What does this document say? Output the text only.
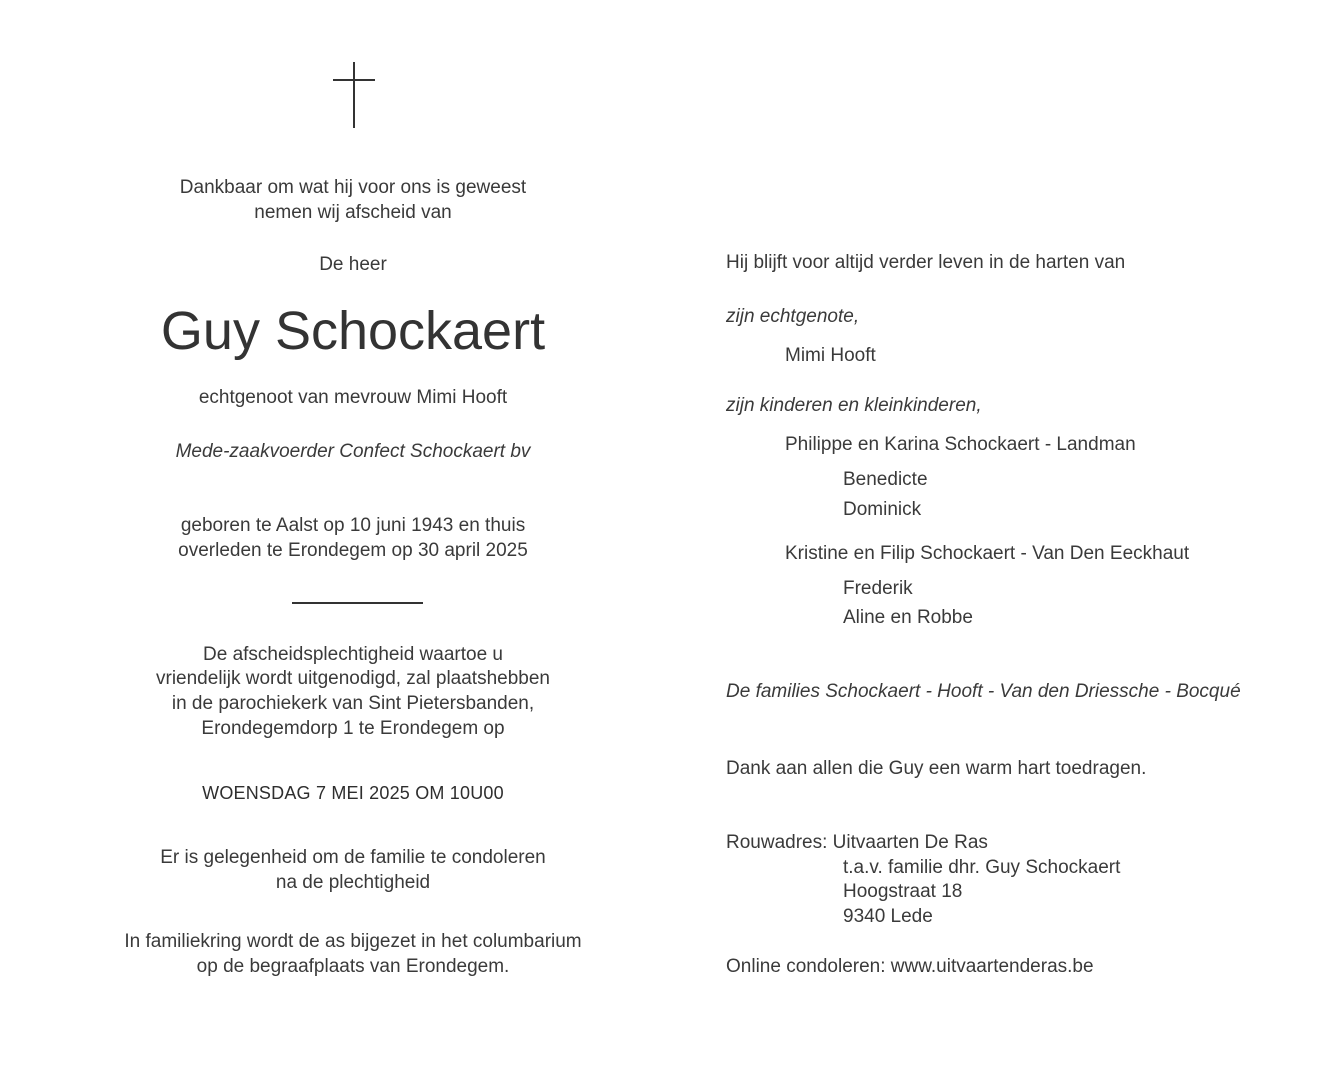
Dankbaar om wat hij voor ons is geweest
nemen wij afscheid van
De heer
Guy Schockaert
echtgenoot van mevrouw Mimi Hooft
Mede-zaakvoerder Confect Schockaert bv
geboren te Aalst op 10 juni 1943 en thuis
overleden te Erondegem op 30 april 2025
De afscheidsplechtigheid waartoe u
vriendelijk wordt uitgenodigd, zal plaatshebben
in de parochiekerk van Sint Pietersbanden,
Erondegemdorp 1 te Erondegem op
WOENSDAG 7 MEI 2025 OM 10U00
Er is gelegenheid om de familie te condoleren
na de plechtigheid
In familiekring wordt de as bijgezet in het columbarium
op de begraafplaats van Erondegem.
Hij blijft voor altijd verder leven in de harten van
zijn echtgenote,
Mimi Hooft
zijn kinderen en kleinkinderen,
Philippe en Karina Schockaert - Landman
Benedicte
Dominick
Kristine en Filip Schockaert - Van Den Eeckhaut
Frederik
Aline en Robbe
De families Schockaert - Hooft - Van den Driessche - Bocqué
Dank aan allen die Guy een warm hart toedragen.
Rouwadres: Uitvaarten De Ras
t.a.v. familie dhr. Guy Schockaert
Hoogstraat 18
9340 Lede
Online condoleren: www.uitvaartenderas.be
